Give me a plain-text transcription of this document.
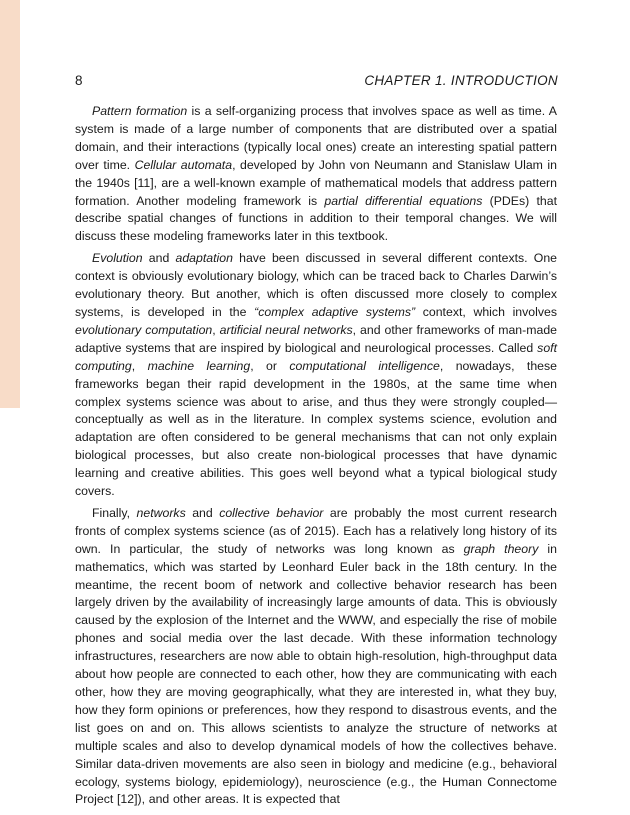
8	CHAPTER 1. INTRODUCTION

Pattern formation is a self-organizing process that involves space as well as time. A system is made of a large number of components that are distributed over a spatial domain, and their interactions (typically local ones) create an interesting spatial pattern over time. Cellular automata, developed by John von Neumann and Stanislaw Ulam in the 1940s [11], are a well-known example of mathematical models that address pattern formation. Another modeling framework is partial differential equations (PDEs) that describe spatial changes of functions in addition to their temporal changes. We will discuss these modeling frameworks later in this textbook.

Evolution and adaptation have been discussed in several different contexts. One context is obviously evolutionary biology, which can be traced back to Charles Darwin’s evolutionary theory. But another, which is often discussed more closely to complex systems, is developed in the “complex adaptive systems” context, which involves evolutionary computation, artificial neural networks, and other frameworks of man-made adaptive systems that are inspired by biological and neurological processes. Called soft computing, machine learning, or computational intelligence, nowadays, these frameworks began their rapid development in the 1980s, at the same time when complex systems science was about to arise, and thus they were strongly coupled—conceptually as well as in the literature. In complex systems science, evolution and adaptation are often considered to be general mechanisms that can not only explain biological processes, but also create non-biological processes that have dynamic learning and creative abilities. This goes well beyond what a typical biological study covers.

Finally, networks and collective behavior are probably the most current research fronts of complex systems science (as of 2015). Each has a relatively long history of its own. In particular, the study of networks was long known as graph theory in mathematics, which was started by Leonhard Euler back in the 18th century. In the meantime, the recent boom of network and collective behavior research has been largely driven by the availability of increasingly large amounts of data. This is obviously caused by the explosion of the Internet and the WWW, and especially the rise of mobile phones and social media over the last decade. With these information technology infrastructures, researchers are now able to obtain high-resolution, high-throughput data about how people are connected to each other, how they are communicating with each other, how they are moving geographically, what they are interested in, what they buy, how they form opinions or preferences, how they respond to disastrous events, and the list goes on and on. This allows scientists to analyze the structure of networks at multiple scales and also to develop dynamical models of how the collectives behave. Similar data-driven movements are also seen in biology and medicine (e.g., behavioral ecology, systems biology, epidemiology), neuroscience (e.g., the Human Connectome Project [12]), and other areas. It is expected that
